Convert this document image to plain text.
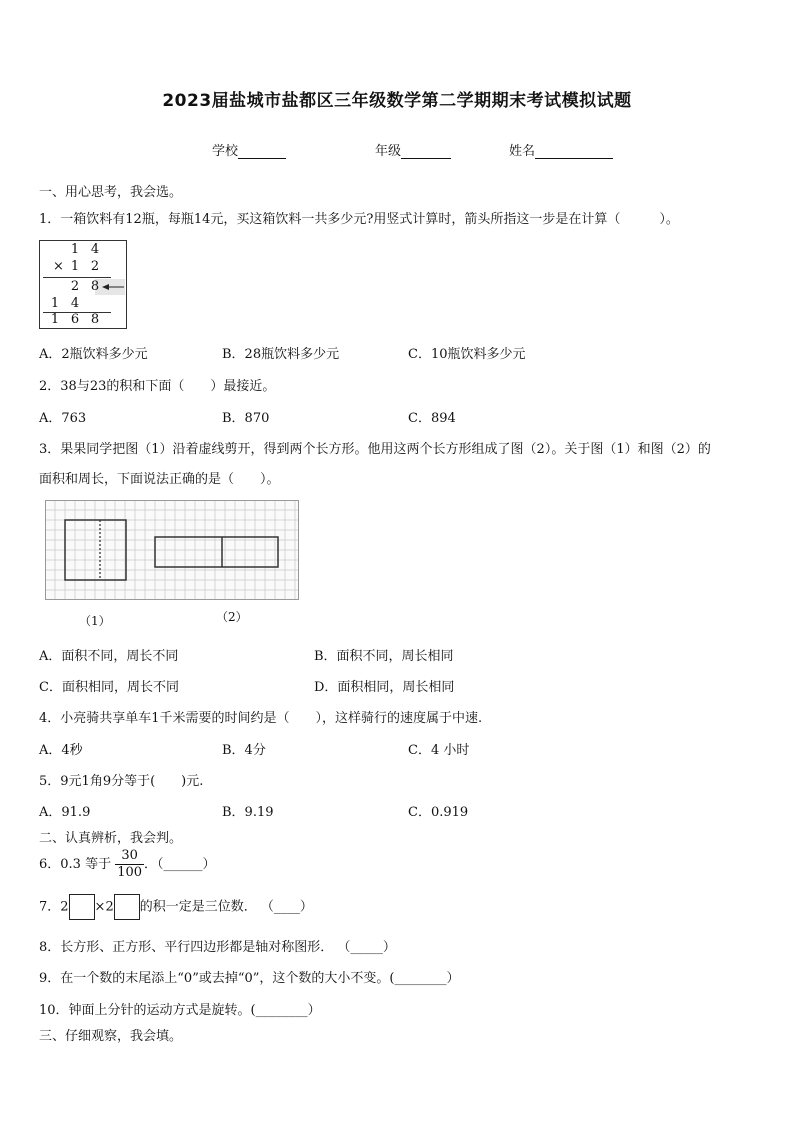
2023届盐城市盐都区三年级数学第二学期期末考试模拟试题
学校	年级	姓名
一、用心思考，我会选。
1．一箱饮料有12瓶，每瓶14元，买这箱饮料一共多少元?用竖式计算时，箭头所指这一步是在计算（　　　）。
1 4
× 1 2
2 8
1 4
1 6 8
A．2瓶饮料多少元	B．28瓶饮料多少元	C．10瓶饮料多少元
2．38与23的积和下面（　　）最接近。
A．763	B．870	C．894
3．果果同学把图（1）沿着虚线剪开，得到两个长方形。他用这两个长方形组成了图（2）。关于图（1）和图（2）的
面积和周长，下面说法正确的是（　　）。
（1）	（2）
A．面积不同，周长不同	B．面积不同，周长相同
C．面积相同，周长不同	D．面积相同，周长相同
4．小亮骑共享单车1千米需要的时间约是（　　），这样骑行的速度属于中速.
A．4秒	B．4分	C．4 小时
5．9元1角9分等于(　　)元.
A．91.9	B．9.19	C．0.919
二、认真辨析，我会判。
6．0.3 等于 $\frac{30}{100}$ ．（______）
7．2 ×2 的积一定是三位数． （____）
8．长方形、正方形、平行四边形都是轴对称图形． （_____）
9．在一个数的末尾添上“0”或去掉“0”，这个数的大小不变。(________）
10．钟面上分针的运动方式是旋转。(________）
三、仔细观察，我会填。
